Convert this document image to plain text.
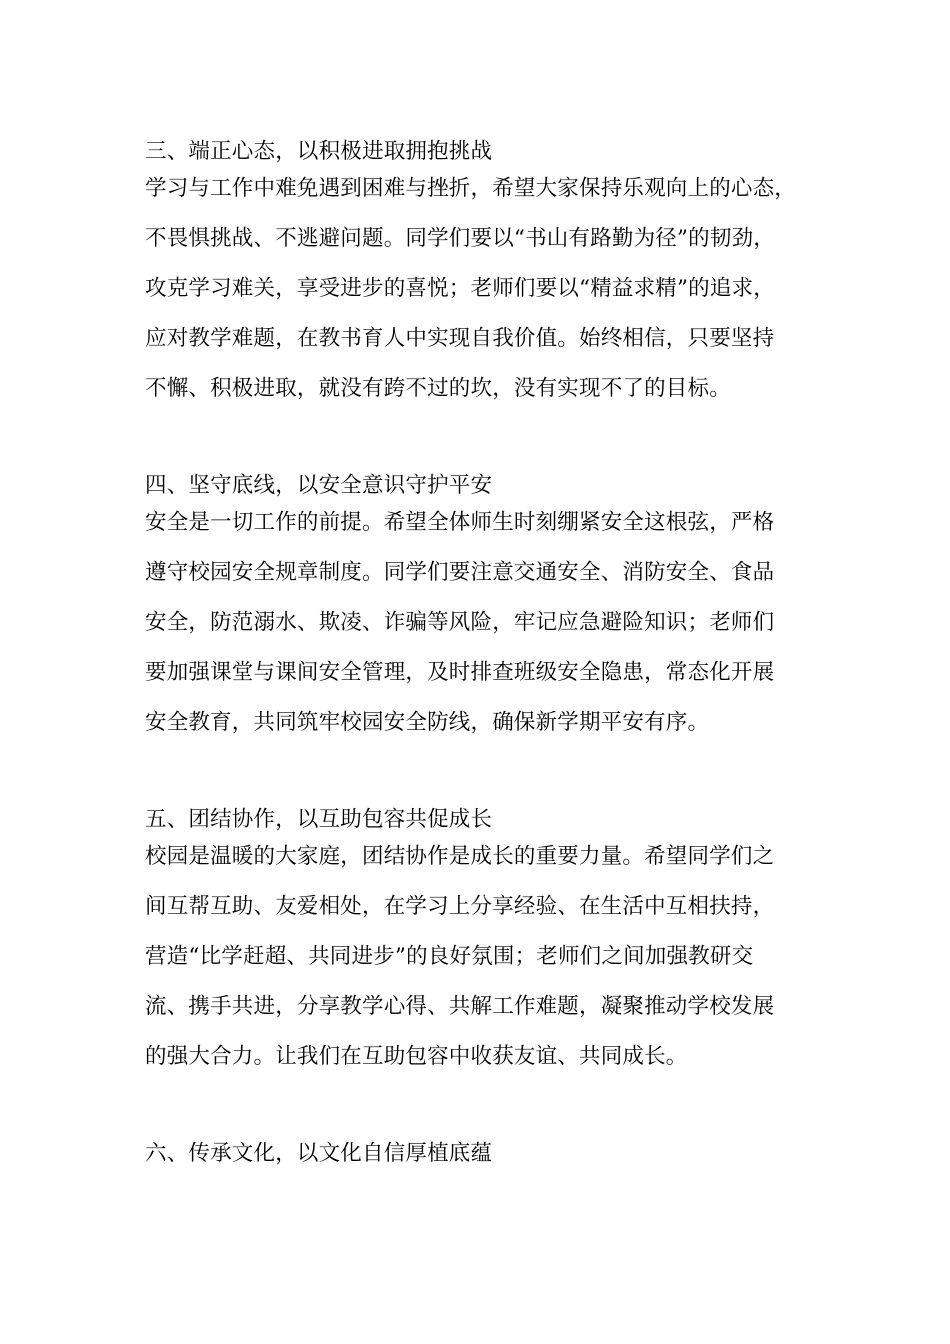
三、端正心态，以积极进取拥抱挑战
学习与工作中难免遇到困难与挫折，希望大家保持乐观向上的心态，
不畏惧挑战、不逃避问题。同学们要以“书山有路勤为径”的韧劲，
攻克学习难关，享受进步的喜悦；老师们要以“精益求精”的追求，
应对教学难题，在教书育人中实现自我价值。始终相信，只要坚持
不懈、积极进取，就没有跨不过的坎，没有实现不了的目标。
四、坚守底线，以安全意识守护平安
安全是一切工作的前提。希望全体师生时刻绷紧安全这根弦，严格
遵守校园安全规章制度。同学们要注意交通安全、消防安全、食品
安全，防范溺水、欺凌、诈骗等风险，牢记应急避险知识；老师们
要加强课堂与课间安全管理，及时排查班级安全隐患，常态化开展
安全教育，共同筑牢校园安全防线，确保新学期平安有序。
五、团结协作，以互助包容共促成长
校园是温暖的大家庭，团结协作是成长的重要力量。希望同学们之
间互帮互助、友爱相处，在学习上分享经验、在生活中互相扶持，
营造“比学赶超、共同进步”的良好氛围；老师们之间加强教研交
流、携手共进，分享教学心得、共解工作难题，凝聚推动学校发展
的强大合力。让我们在互助包容中收获友谊、共同成长。
六、传承文化，以文化自信厚植底蕴
